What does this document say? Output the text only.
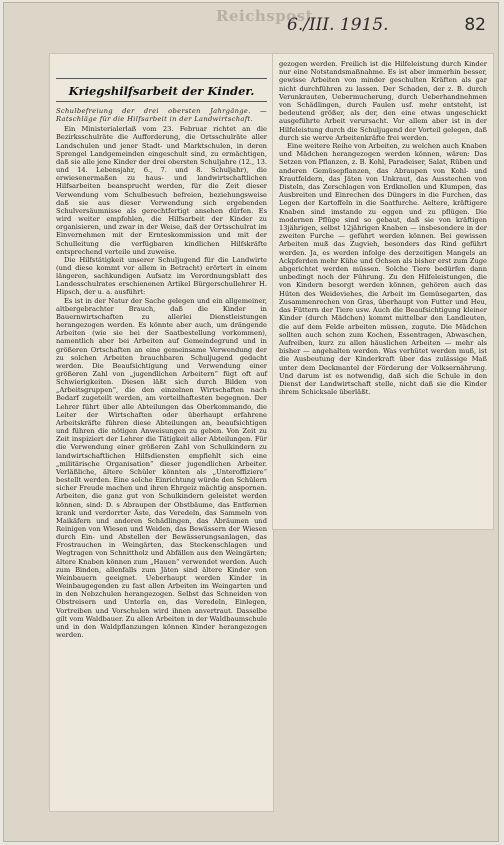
Reichspost
6./III. 1915.	82
Kriegshilfsarbeit der Kinder.

Schulbefreiung der drei obersten Jahrgänge. — Ratschläge für die Hilfsarbeit in der Landwirtschaft.

Ein Ministerialerlaß vom 23. Februar richtet an die Bezirksschulräte die Aufforderung, die Ortsschulräte aller Landschulen und jener Stadt- und Marktschulen, in deren Sprengel Landgemeinden eingeschult sind, zu ermächtigen, daß sie alle jene Kinder der drei obersten Schuljahre (12., 13. und 14. Lebensjahr, 6., 7. und 8. Schuljahr), die erwiesenermaßen zu haus- und landwirtschaftlichen Hilfsarbeiten beansprucht werden, für die Zeit dieser Verwendung vom Schulbesuch befreien, beziehungsweise daß sie aus dieser Verwendung sich ergebenden Schulversäumnisse als gerechtfertigt ansehen dürfen. Es wird weiter empfohlen, die Hilfsarbeit der Kinder zu organisieren, und zwar in der Weise, daß der Ortsschulrat im Einvernehmen mit der Ernteskommission und mit der Schulleitung die verfügbaren kindlichen Hilfskräfte entsprechend verteile und zuweise.

Die Hilfstätigkeit unserer Schuljugend für die Landwirte (und diese kommt vor allem in Betracht) erörtert in einem längeren, sachkundigen Aufsatz im Verordnungsblatt des Landesschulrates erschienenen Artikel Bürgerschullehrer H. Hipsch, der u. a. ausführt:

Es ist in der Natur der Sache gelegen und ein allgemeiner, altbergebrachter Brauch, daß die Kinder in Bauernwirtschaften zu allerlei Dienstleistungen herangezogen werden. Es könnte aber auch, um drängende Arbeiten (wie sie bei der Saatbestellung vorkommen), namentlich aber bei Arbeiten auf Gemeindegrund und in größeren Ortschaften an eine gemeinsame Verwendung der zu solchen Arbeiten brauchbaren Schuljugend gedacht werden. Die Beaufsichtigung und Verwendung einer größeren Zahl von „jugendlichen Arbeitern“ fügt oft auf Schwierigkeiten. Diesen läßt sich durch Bilden von „Arbeitsgruppen“, die den einzelnen Wirtschaften nach Bedarf zugeteilt werden, am vorteilhaftesten begegnen. Der Lehrer führt über alle Abteilungen das Oberkommando, die Leiter der Wirtschaften oder überhaupt erfahrene Arbeitskräfte führen diese Abteilungen an, beaufsichtigen und führen die nötigen Anweisungen zu geben. Von Zeit zu Zeit inspiziert der Lehrer die Tätigkeit aller Abteilungen. Für die Verwendung einer größeren Zahl von Schulkindern zu landwirtschaftlichen Hilfsdiensten empfiehlt sich eine „militärische Organisation“ dieser jugendlichen Arbeiter. Verläßliche, ältere Schüler könnten als „Unteroffiziere“ bestellt werden. Eine solche Einrichtung würde den Schülern sicher Freude machen und ihren Ehrgeiz mächtig anspornen. Arbeiten, die ganz gut von Schulkindern geleistet werden können, sind: D. s Abraupen der Obstbäume, das Entfernen krank und verdorrter Äste, das Veredeln, das Sammeln von Maikäfern und anderen Schädlingen, das Abräumen und Reinigen von Wiesen und Weiden, das Bewässern der Wiesen durch Ein- und Abstellen der Bewässerungsanlagen, das Frostrauchen in Weingärten, das Steckenschlagen und Wegtragen von Schnittholz und Abfällen aus den Weingärten; ältere Knaben können zum „Hauen“ verwendet werden. Auch zum Binden, allenfalls zum Jäten sind ältere Kinder von Weinbauern geeignet. Ueberhaupt werden Kinder in Weinbaugegenden zu fast allen Arbeiten im Weingarten und in den Nebzchulen herangezogen. Selbst das Schneiden von Obstreisern und Unterla en, das Veredeln, Einlegen, Vortreiben und Vorschulen wird ihnen anvertraut. Dasselbe gilt vom Waldbauer. Zu allen Arbeiten in der Waldbaumschule und in den Waldpflanzungen können Kinder herangezogen werden.

gezogen werden. Freilich ist die Hilfeleistung durch Kinder nur eine Notstandsmaßnahme. Es ist aber immerhin besser, gewisse Arbeiten von minder geschulten Kräften als gar nicht durchführen zu lassen. Der Schaden, der z. B. durch Verunkrauten, Uebermucherung, durch Ueberhandnehmen von Schädlingen, durch Faulen usf. mehr entsteht, ist bedeutend größer, als der, den eine etwas ungeschickt ausgeführte Arbeit verursacht. Vor allem aber ist in der Hilfeleistung durch die Schuljugend der Vorteil gelegen, daß durch sie werve Arbeitenkräfte frei werden.

Eine weitere Reihe von Arbeiten, zu welchen auch Knaben und Mädchen herangezogen werden können, wären: Das Setzen von Pflanzen, z. B. Kohl, Paradeiser, Salat, Rüben und anderen Gemüsepflanzen, das Abraupen von Kohl- und Krautfeldern, das Jäten von Unkraut, das Ausstechen von Disteln, das Zerschlagen von Erdknollen und Klumpen, das Ausbreiten und Einrechen des Düngers in die Furchen, das Legen der Kartoffeln in die Saatfurche. Aeltere, kräftigere Knaben sind imstande zu eggen und zu pflügen. Die modernen Pflüge sind so gebaut, daß sie von kräftigen 13jährigen, selbst 12jährigen Knaben — insbesondere in der zweiten Furche — geführt werden können. Bei gewissen Arbeiten muß das Zugvieh, besonders das Rind geführt werden. Ja, es werden infolge des derzeitigen Mangels an Ackpferden mehr Kühe und Ochsen als bisher erst zum Zuge abgerichtet werden müssen. Solche Tiere bedürfen dann unbedingt noch der Führung. Zu den Hilfeleistungen, die von Kindern besorgt werden können, gehören auch das Hüten des Weideviehes, die Arbeit im Gemüsegarten, das Zusammenrechen von Gras, überhaupt von Futter und Heu, das Füttern der Tiere usw. Auch die Beaufsichtigung kleiner Kinder (durch Mädchen) kommt mittelbar den Landleuten, die auf dem Felde arbeiten müssen, zugute. Die Mädchen sollten auch schon zum Kochen, Essentragen, Abwaschen, Aufreiben, kurz zu allen häuslichen Arbeiten — mehr als bisher — angehalten werden. Was verhütet werden muß, ist die Ausbeutung der Kinderkraft über das zulässige Maß unter dem Deckmantel der Förderung der Volksernährung. Und darum ist es notwendig, daß sich die Schule in den Dienst der Landwirtschaft stelle, nicht daß sie die Kinder ihrem Schicksale überläßt.
